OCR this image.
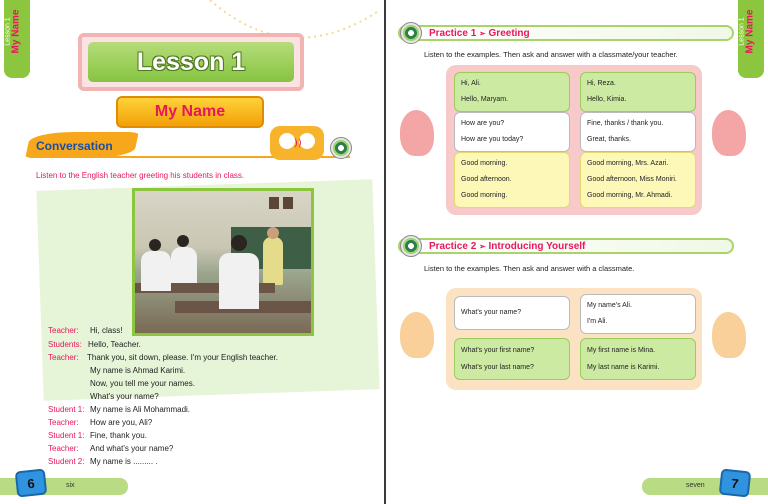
Lesson 1
My Name
Lesson 1
My Name
Conversation	))
Listen to the English teacher greeting his students in class.
Teacher: Hi, class!
Students: Hello, Teacher.
Teacher: Thank you, sit down, please. I'm your English teacher.
My name is Ahmad Karimi.
Now, you tell me your names.
What's your name?
Student 1: My name is Ali Mohammadi.
Teacher: How are you, Ali?
Student 1: Fine, thank you.
Teacher: And what's your name?
Student 2: My name is ......... .
6	six
Lesson 1
My Name
Practice 1 ➢ Greeting
Listen to the examples. Then ask and answer with a classmate/your teacher.
Hi, Ali.
Hello, Maryam.
Hi, Reza.
Hello, Kimia.
How are you?
How are you today?
Fine, thanks / thank you.
Great, thanks.
Good morning.
Good afternoon.
Good morning.
Good morning, Mrs. Azari.
Good afternoon, Miss Moniri.
Good morning, Mr. Ahmadi.
Practice 2 ➢ Introducing Yourself
Listen to the examples. Then ask and answer with a classmate.
What's your name?
My name's Ali.
I'm Ali.
What's your first name?
What's your last name?
My first name is Mina.
My last name is Karimi.
7
seven
